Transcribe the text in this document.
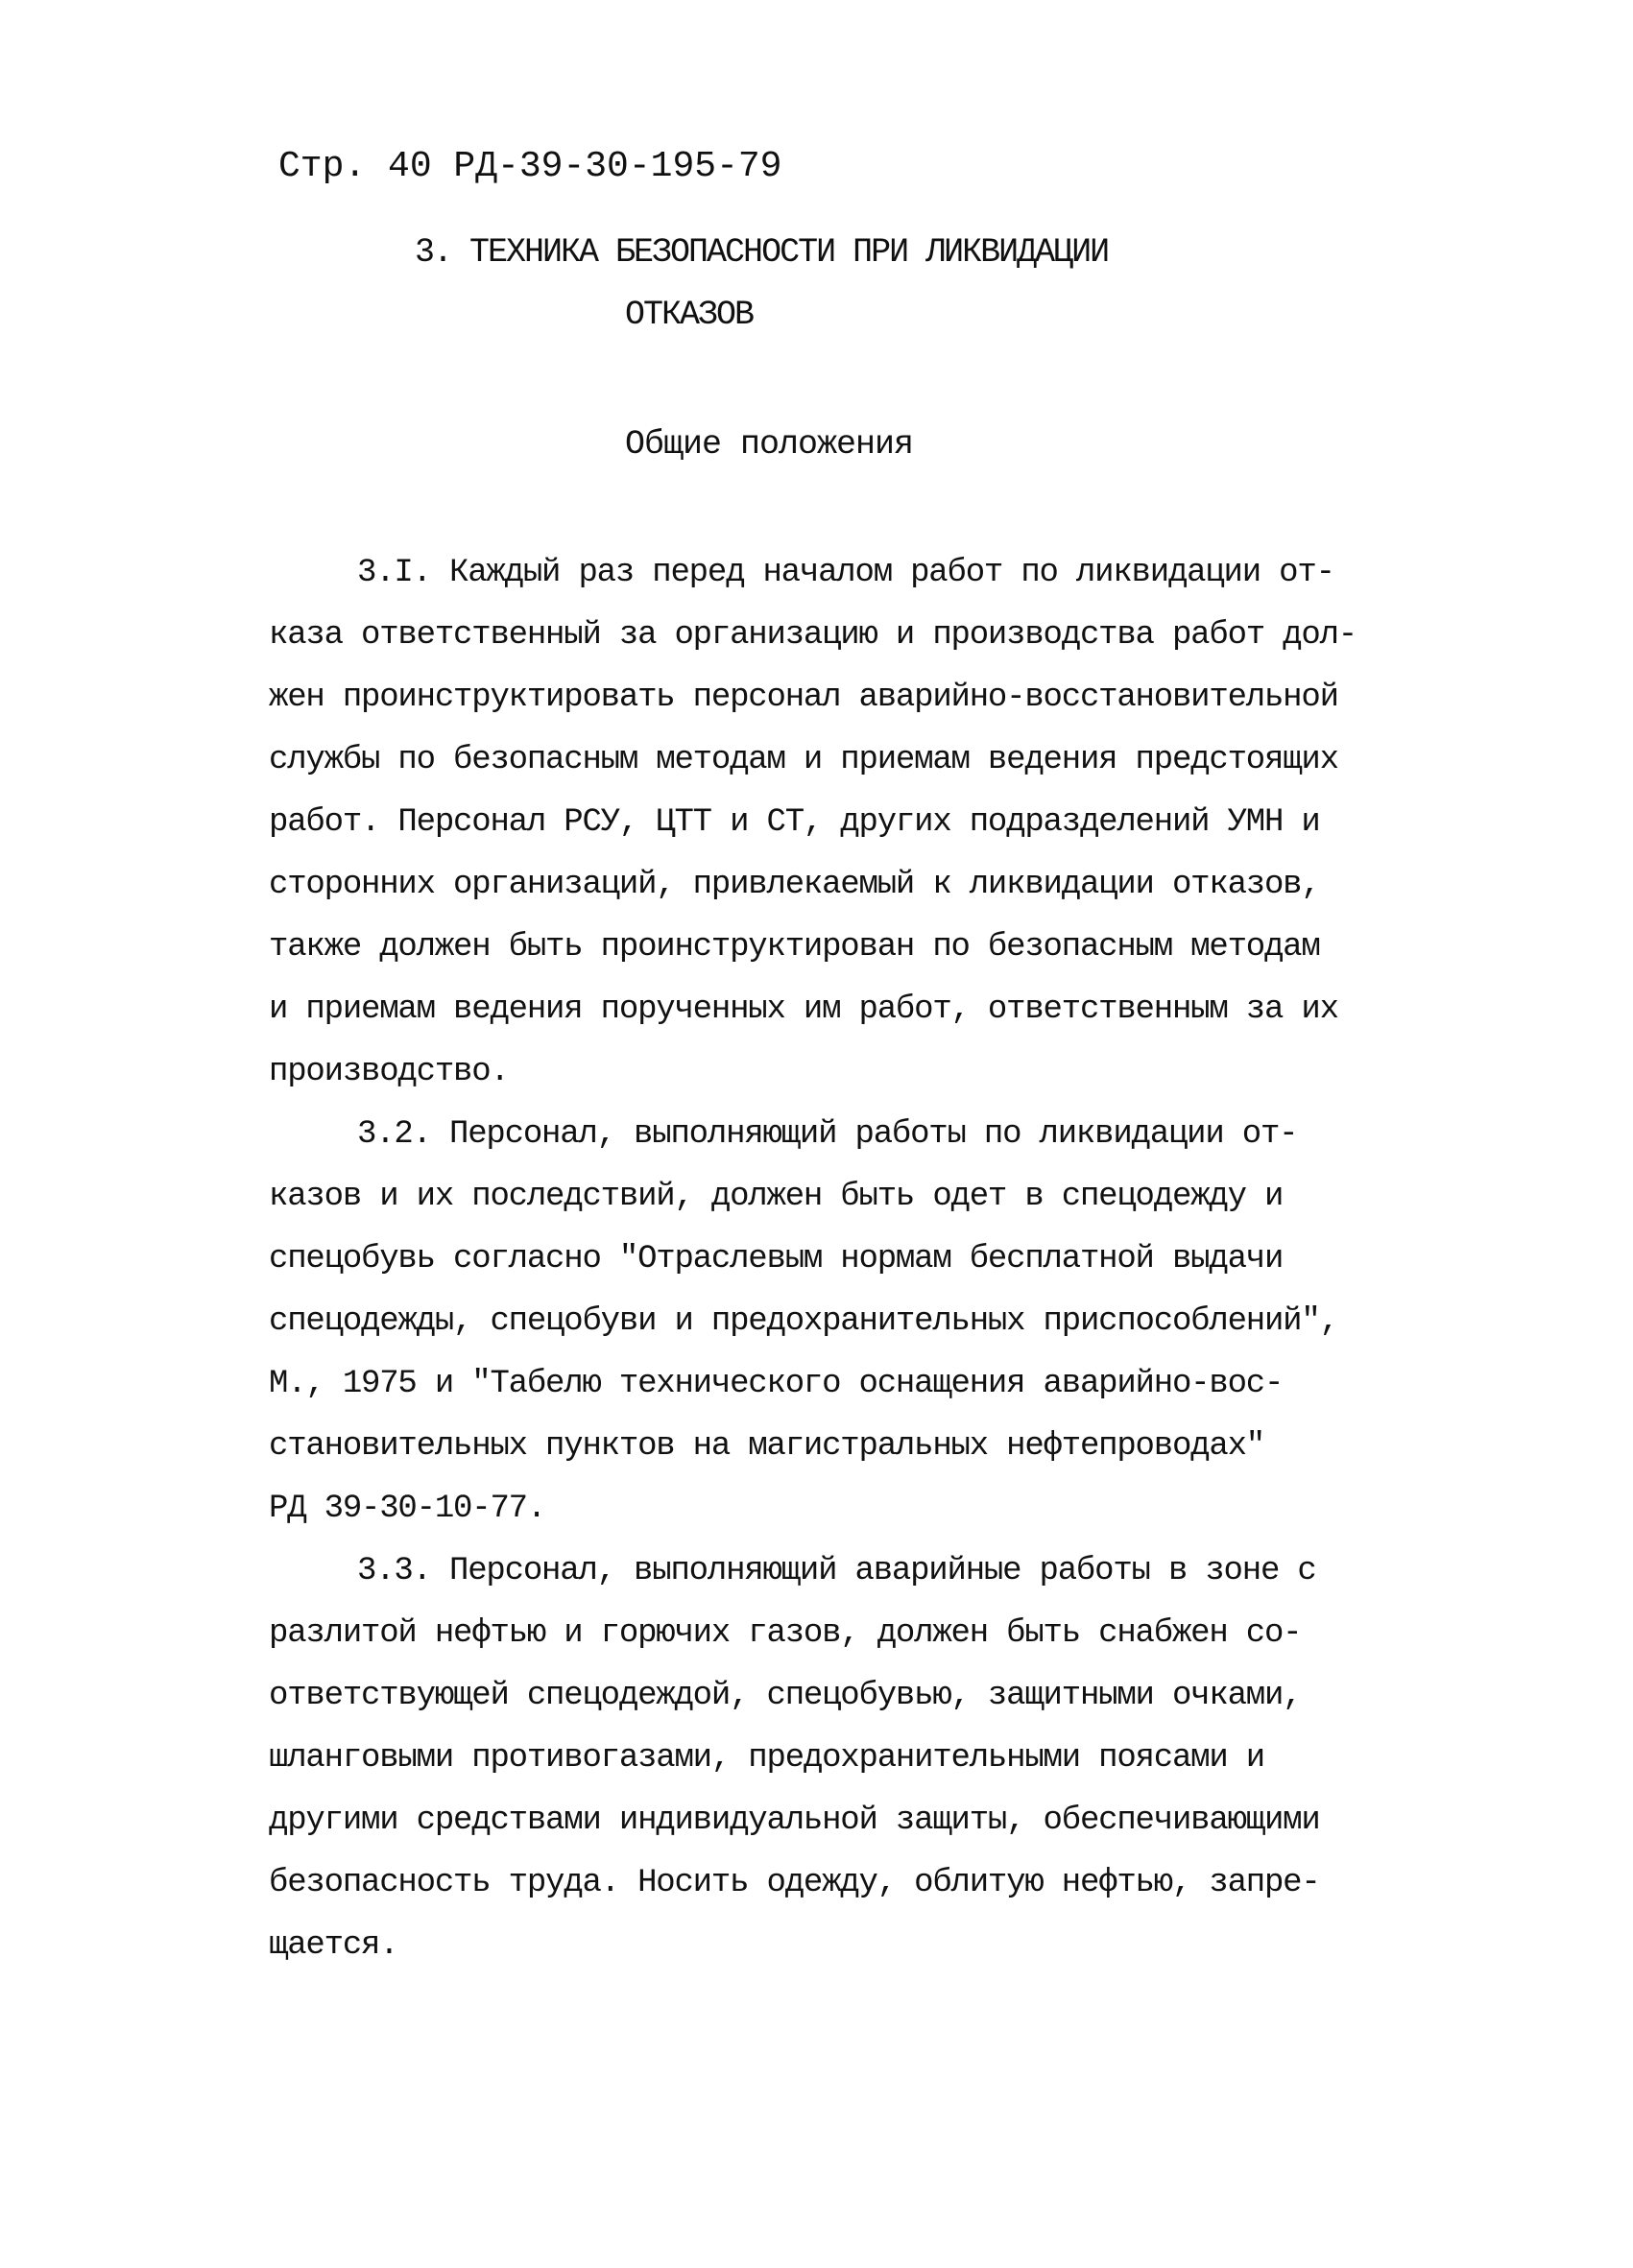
Стр. 40 РД-39-30-195-79
3. ТЕХНИКА БЕЗОПАСНОСТИ ПРИ ЛИКВИДАЦИИ
ОТКАЗОВ
Общие положения
3.I. Каждый раз перед началом работ по ликвидации от-
каза ответственный за организацию и производства работ дол-
жен проинструктировать персонал аварийно-восстановительной
службы по безопасным методам и приемам ведения предстоящих
работ. Персонал РСУ, ЦТТ и СТ, других подразделений УМН и
сторонних организаций, привлекаемый к ликвидации отказов,
также должен быть проинструктирован по безопасным методам
и приемам ведения порученных им работ, ответственным за их
производство.
3.2. Персонал, выполняющий работы по ликвидации от-
казов и их последствий, должен быть одет в спецодежду и
спецобувь согласно "Отраслевым нормам бесплатной выдачи
спецодежды, спецобуви и предохранительных приспособлений",
М., 1975 и "Табелю технического оснащения аварийно-вос-
становительных пунктов на магистральных нефтепроводах"
РД 39-30-10-77.
3.3. Персонал, выполняющий аварийные работы в зоне с
разлитой нефтью и горючих газов, должен быть снабжен со-
ответствующей спецодеждой, спецобувью, защитными очками,
шланговыми противогазами, предохранительными поясами и
другими средствами индивидуальной защиты, обеспечивающими
безопасность труда. Носить одежду, облитую нефтью, запре-
щается.
